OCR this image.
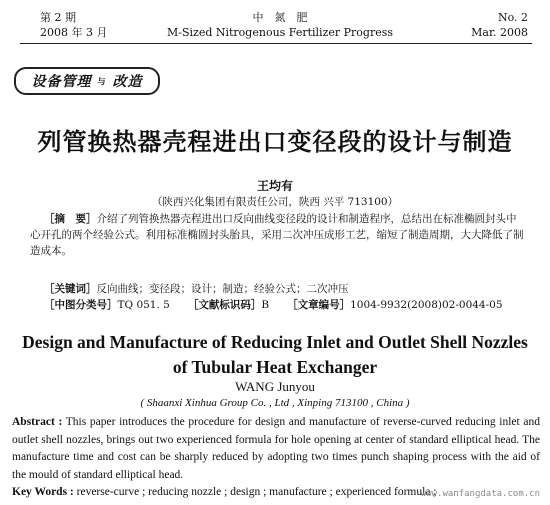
第 2 期
2008 年 3 月
中　氮　肥
M-Sized Nitrogenous Fertilizer Progress
No. 2
Mar. 2008
设备管理 与 改造
列管换热器壳程进出口变径段的设计与制造
王均有
（陕西兴化集团有限责任公司，陕西 兴平 713100）
［摘　要］介绍了列管换热器壳程进出口反向曲线变径段的设计和制造程序，总结出在标准椭圆封头中心开孔的两个经验公式。利用标准椭圆封头胎具，采用二次冲压成形工艺，缩短了制造周期，大大降低了制造成本。
［关键词］反向曲线；变径段；设计；制造；经验公式；二次冲压
［中图分类号］TQ 051. 5 ［文献标识码］B ［文章编号］1004-9932(2008)02-0044-05
Design and Manufacture of Reducing Inlet and Outlet Shell Nozzles
of Tubular Heat Exchanger
WANG Junyou
( Shaanxi Xinhua Group Co. , Ltd , Xinping 713100 , China )
Abstract : This paper introduces the procedure for design and manufacture of reverse-curved reducing inlet and outlet shell nozzles, brings out two experienced formula for hole opening at center of standard elliptical head. The manufacture time and cost can be sharply reduced by adopting two times punch shaping process with the aid of the mould of standard elliptical head.
Key Words : reverse-curve ; reducing nozzle ; design ; manufacture ; experienced formula ;
www.wanfangdata.com.cn
